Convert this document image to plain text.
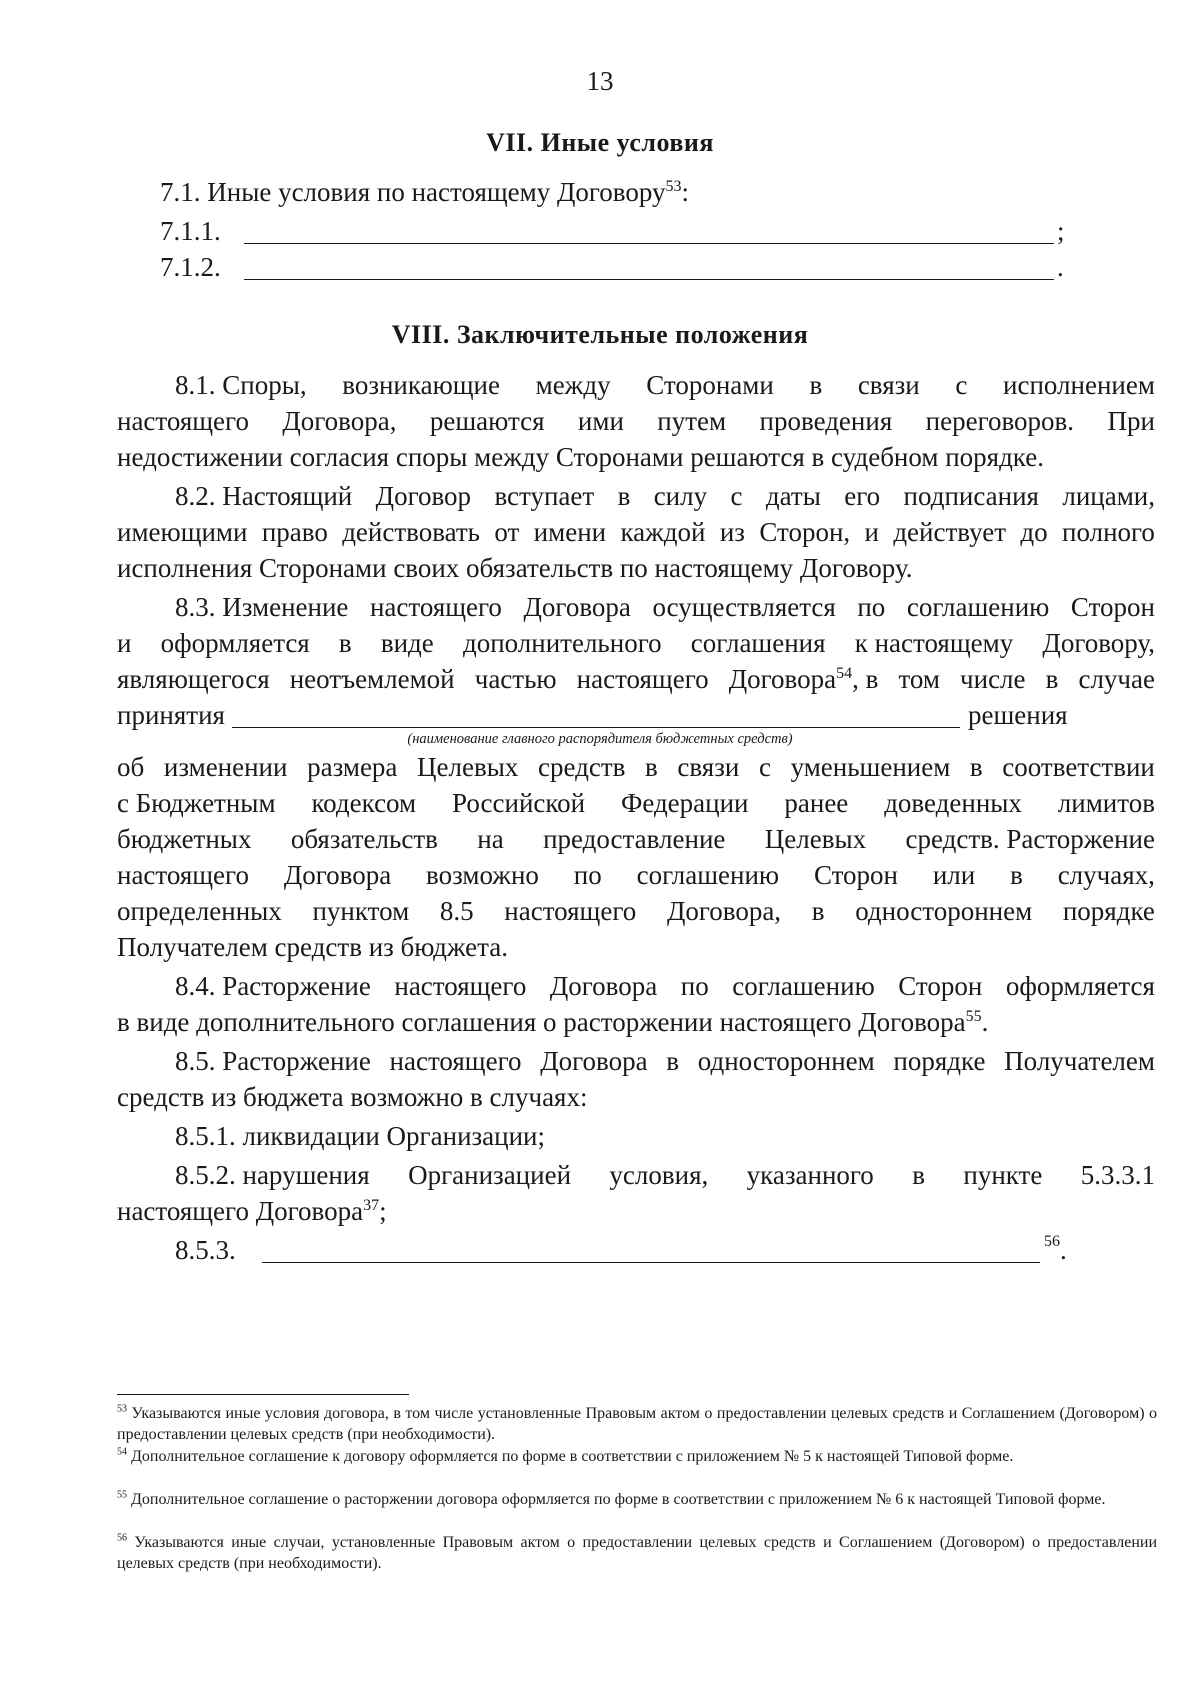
13
VII. Иные условия
7.1. Иные условия по настоящему Договору$^{53}$:
7.1.1.	;
7.1.2.	.
VIII. Заключительные положения
8.1. Споры, возникающие между Сторонами в связи с исполнением
настоящего Договора, решаются ими путем проведения переговоров. При
недостижении согласия споры между Сторонами решаются в судебном порядке.
8.2. Настоящий Договор вступает в силу с даты его подписания лицами,
имеющими право действовать от имени каждой из Сторон, и действует до полного
исполнения Сторонами своих обязательств по настоящему Договору.
8.3. Изменение настоящего Договора осуществляется по соглашению Сторон
и оформляется в виде дополнительного соглашения к настоящему Договору,
являющегося неотъемлемой частью настоящего Договора54, в том числе в случае
принятия	решения
(наименование главного распорядителя бюджетных средств)
об изменении размера Целевых средств в связи с уменьшением в соответствии
с Бюджетным кодексом Российской Федерации ранее доведенных лимитов
бюджетных обязательств на предоставление Целевых средств. Расторжение
настоящего Договора возможно по соглашению Сторон или в случаях,
определенных пунктом 8.5 настоящего Договора, в одностороннем порядке
Получателем средств из бюджета.
8.4. Расторжение настоящего Договора по соглашению Сторон оформляется
в виде дополнительного соглашения о расторжении настоящего Договора$^{55}$.
8.5. Расторжение настоящего Договора в одностороннем порядке Получателем
средств из бюджета возможно в случаях:
8.5.1. ликвидации Организации;
8.5.2. нарушения Организацией условия, указанного в пункте 5.3.3.1
настоящего Договора$^{37}$;
8.5.3.	56 .
$^{53}$ Указываются иные условия договора, в том числе установленные Правовым актом о предоставлении целевых средств и Соглашением (Договором) о предоставлении целевых средств (при необходимости).
$^{54}$ Дополнительное соглашение к договору оформляется по форме в соответствии с приложением № 5 к настоящей Типовой форме.
$^{55}$ Дополнительное соглашение о расторжении договора оформляется по форме в соответствии с приложением № 6 к настоящей Типовой форме.
$^{56}$ Указываются иные случаи, установленные Правовым актом о предоставлении целевых средств и Соглашением (Договором) о предоставлении целевых средств (при необходимости).
